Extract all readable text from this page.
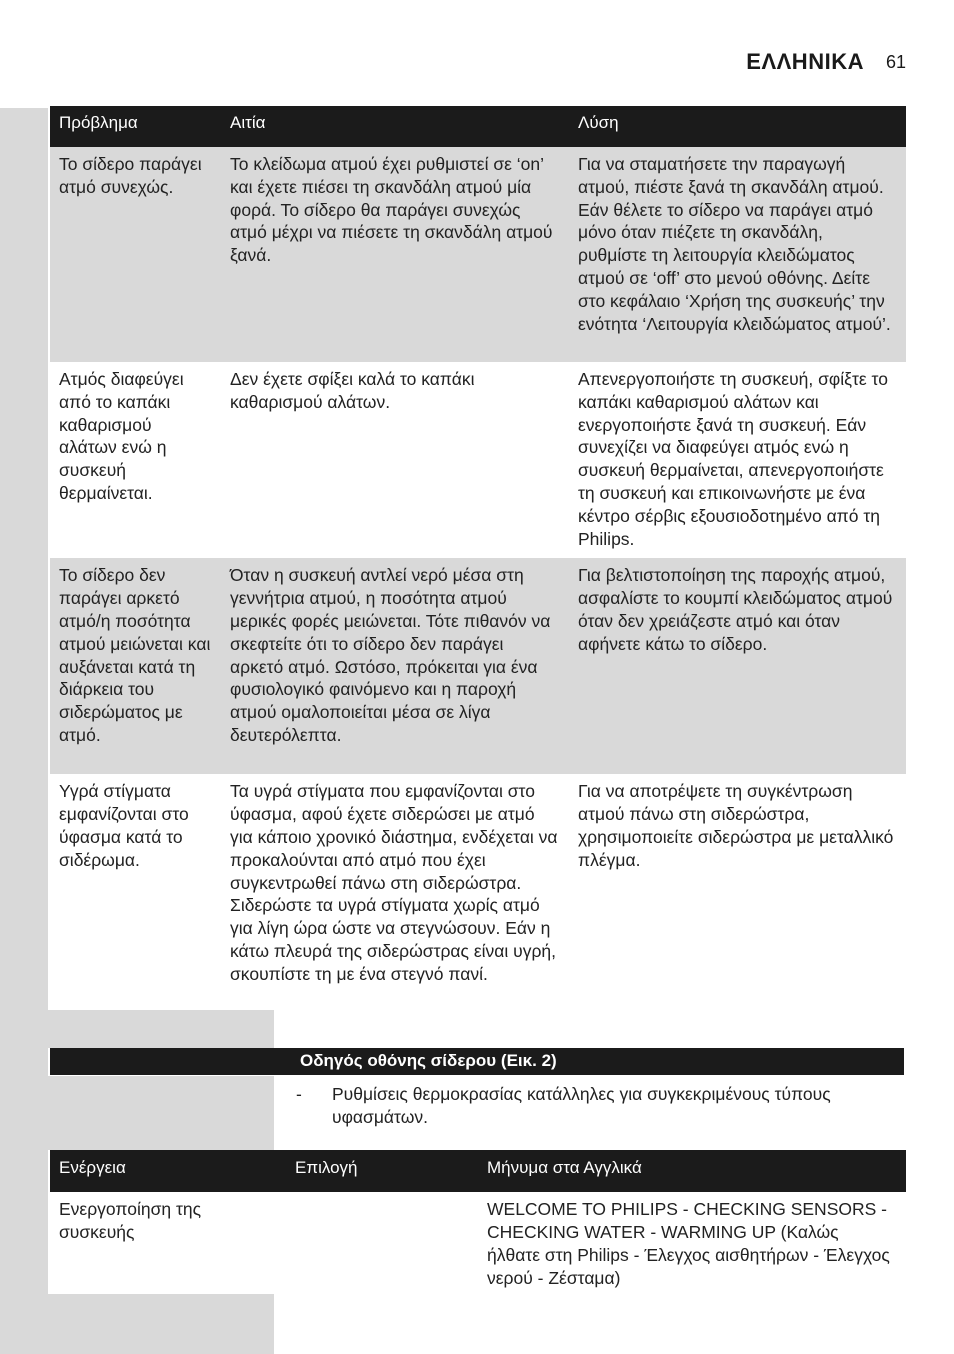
ΕΛΛΗΝΙΚΑ 61
Πρόβλημα	Αιτία	Λύση
Το σίδερο παράγει ατμό συνεχώς.	Το κλείδωμα ατμού έχει ρυθμιστεί σε ‘on’ και έχετε πιέσει τη σκανδάλη ατμού μία φορά. Το σίδερο θα παράγει συνεχώς ατμό μέχρι να πιέσετε τη σκανδάλη ατμού ξανά.	Για να σταματήσετε την παραγωγή ατμού, πιέστε ξανά τη σκανδάλη ατμού. Εάν θέλετε το σίδερο να παράγει ατμό μόνο όταν πιέζετε τη σκανδάλη, ρυθμίστε τη λειτουργία κλειδώματος ατμού σε ‘off’ στο μενού οθόνης. Δείτε στο κεφάλαιο ‘Χρήση της συσκευής’ την ενότητα ‘Λειτουργία κλειδώματος ατμού’.
Ατμός διαφεύγει από το καπάκι καθαρισμού αλάτων ενώ η συσκευή θερμαίνεται.	Δεν έχετε σφίξει καλά το καπάκι καθαρισμού αλάτων.	Απενεργοποιήστε τη συσκευή, σφίξτε το καπάκι καθαρισμού αλάτων και ενεργοποιήστε ξανά τη συσκευή. Εάν συνεχίζει να διαφεύγει ατμός ενώ η συσκευή θερμαίνεται, απενεργοποιήστε τη συσκευή και επικοινωνήστε με ένα κέντρο σέρβις εξουσιοδοτημένο από τη Philips.
Το σίδερο δεν παράγει αρκετό ατμό/η ποσότητα ατμού μειώνεται και αυξάνεται κατά τη διάρκεια του σιδερώματος με ατμό.	Όταν η συσκευή αντλεί νερό μέσα στη γεννήτρια ατμού, η ποσότητα ατμού μερικές φορές μειώνεται. Τότε πιθανόν να σκεφτείτε ότι το σίδερο δεν παράγει αρκετό ατμό. Ωστόσο, πρόκειται για ένα φυσιολογικό φαινόμενο και η παροχή ατμού ομαλοποιείται μέσα σε λίγα δευτερόλεπτα.	Για βελτιστοποίηση της παροχής ατμού, ασφαλίστε το κουμπί κλειδώματος ατμού όταν δεν χρειάζεστε ατμό και όταν αφήνετε κάτω το σίδερο.
Υγρά στίγματα εμφανίζονται στο ύφασμα κατά το σιδέρωμα.	Τα υγρά στίγματα που εμφανίζονται στο ύφασμα, αφού έχετε σιδερώσει με ατμό για κάποιο χρονικό διάστημα, ενδέχεται να προκαλούνται από ατμό που έχει συγκεντρωθεί πάνω στη σιδερώστρα. Σιδερώστε τα υγρά στίγματα χωρίς ατμό για λίγη ώρα ώστε να στεγνώσουν. Εάν η κάτω πλευρά της σιδερώστρας είναι υγρή, σκουπίστε τη με ένα στεγνό πανί.	Για να αποτρέψετε τη συγκέντρωση ατμού πάνω στη σιδερώστρα, χρησιμοποιείτε σιδερώστρα με μεταλλικό πλέγμα.
Οδηγός οθόνης σίδερου (Εικ. 2)
- Ρυθμίσεις θερμοκρασίας κατάλληλες για συγκεκριμένους τύπους υφασμάτων.
Ενέργεια	Επιλογή	Μήνυμα στα Αγγλικά
Ενεργοποίηση της συσκευής		WELCOME TO PHILIPS - CHECKING SENSORS - CHECKING WATER - WARMING UP (Καλώς ήλθατε στη Philips - Έλεγχος αισθητήρων - Έλεγχος νερού - Ζέσταμα)
